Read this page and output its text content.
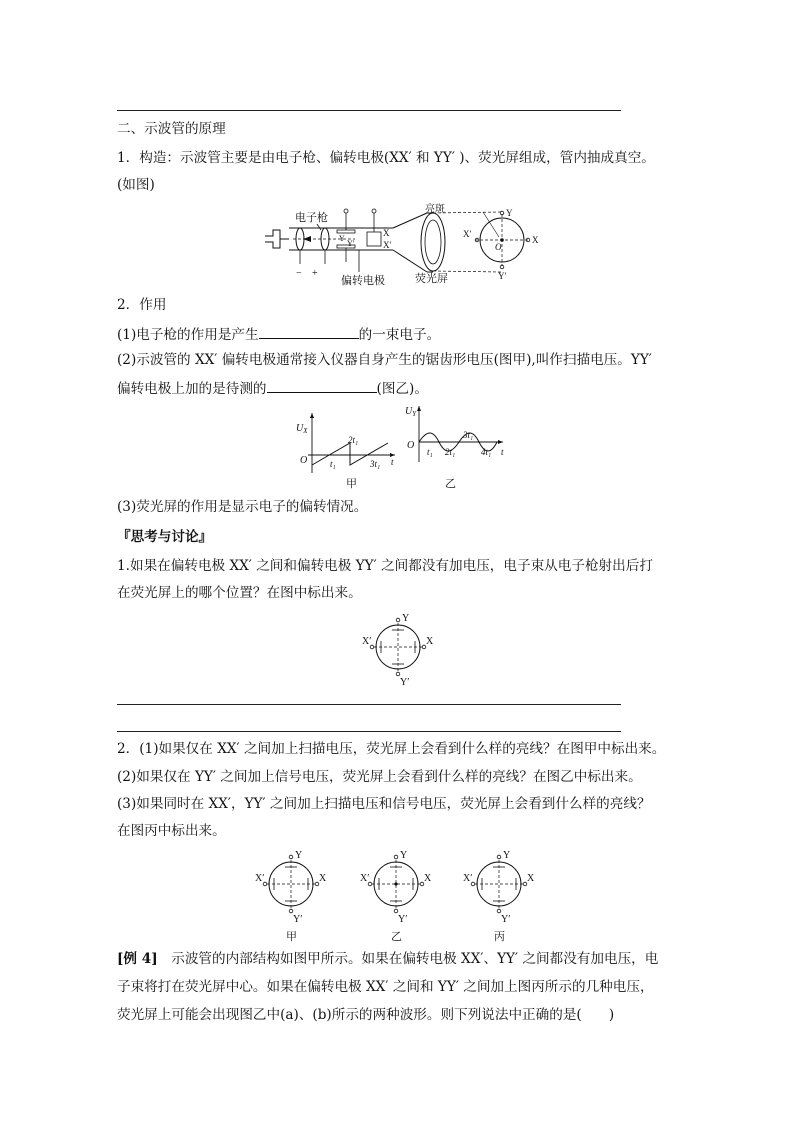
二、示波管的原理
1．构造：示波管主要是由电子枪、偏转电极(XX′ 和 YY′ )、荧光屏组成，管内抽成真空。
(如图)
电子枪
− +
Y
Y′
X
X′
偏转电极	荧光屏
亮斑	Y
Y′
X
X′
O
2．作用
(1)电子枪的作用是产生	的一束电子。
(2)示波管的 XX′ 偏转电极通常接入仪器自身产生的锯齿形电压(图甲),叫作扫描电压。YY′
偏转电极上加的是待测的	(图乙)。
$U_X$
O	t₁
2t₁
3t₁ t
甲
$U_Y$
O
t₁ 2t₁
3t₁
4t₁ t
乙
(3)荧光屏的作用是显示电子的偏转情况。
『思考与讨论』
1.如果在偏转电极 XX′ 之间和偏转电极 YY′ 之间都没有加电压，电子束从电子枪射出后打
在荧光屏上的哪个位置？在图中标出来。
Y
Y′
X′	X
2．(1)如果仅在 XX′ 之间加上扫描电压，荧光屏上会看到什么样的亮线？在图甲中标出来。
(2)如果仅在 YY′ 之间加上信号电压，荧光屏上会看到什么样的亮线？在图乙中标出来。
(3)如果同时在 XX′，YY′ 之间加上扫描电压和信号电压，荧光屏上会看到什么样的亮线？
在图丙中标出来。
Y
Y′
X′	X
甲
Y
Y′
X′	X
乙
Y
Y′
X′	X
丙
[例 4]　示波管的内部结构如图甲所示。如果在偏转电极 XX′、YY′ 之间都没有加电压，电
子束将打在荧光屏中心。如果在偏转电极 XX′ 之间和 YY′ 之间加上图丙所示的几种电压，
荧光屏上可能会出现图乙中(a)、(b)所示的两种波形。则下列说法中正确的是(　　)
